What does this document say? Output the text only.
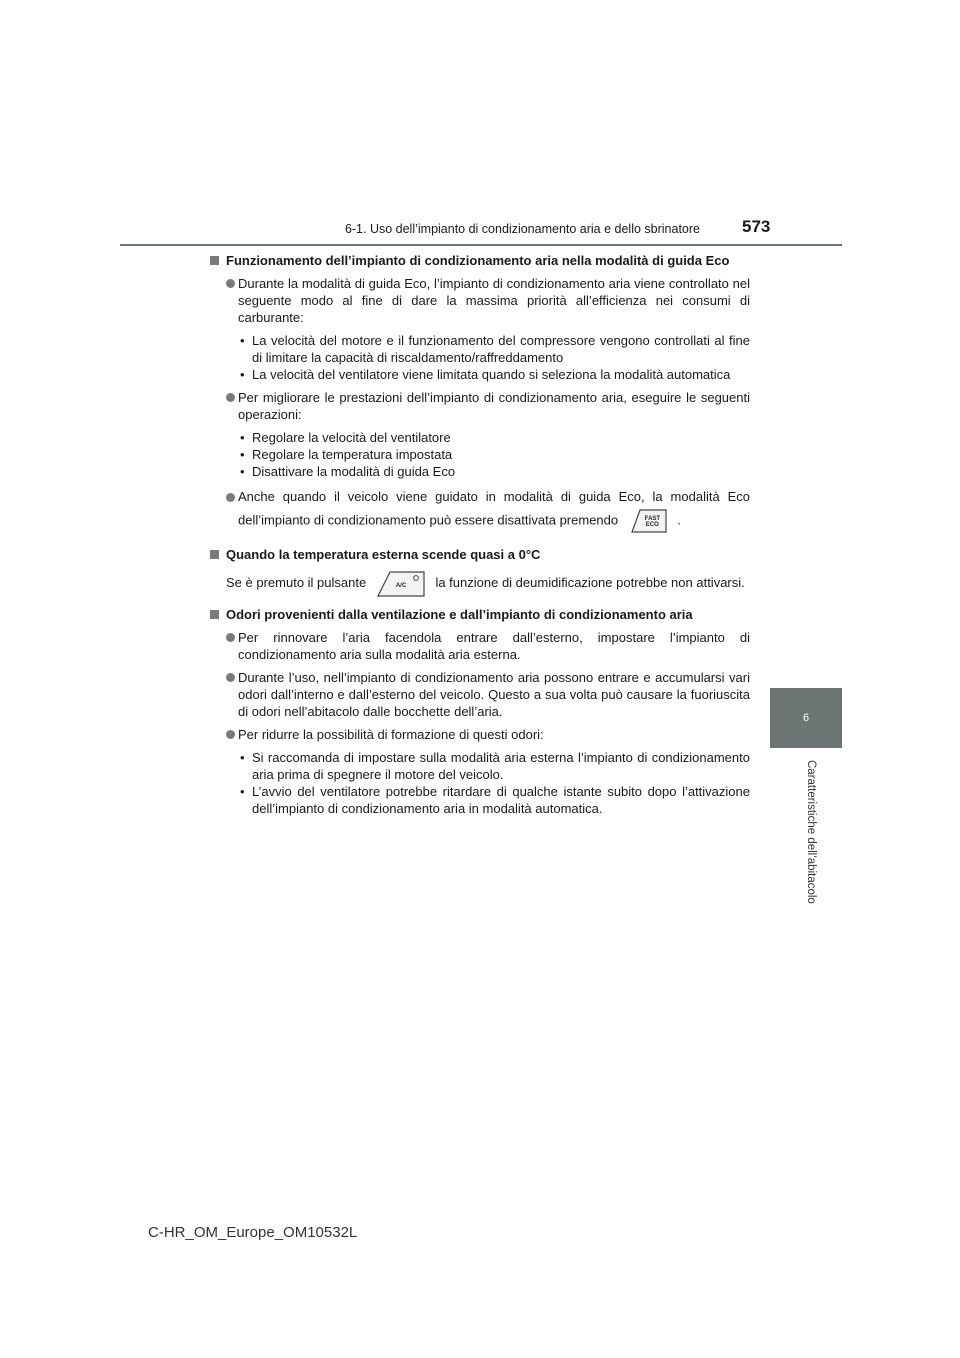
6-1. Uso dell’impianto di condizionamento aria e dello sbrinatore 573
6
Caratteristiche dell’abitacolo
Funzionamento dell’impianto di condizionamento aria nella modalità di guida Eco
Durante la modalità di guida Eco, l’impianto di condizionamento aria viene controllato nel seguente modo al fine di dare la massima priorità all’efficienza nei consumi di carburante:
• La velocità del motore e il funzionamento del compressore vengono controllati al fine di limitare la capacità di riscaldamento/raffreddamento
• La velocità del ventilatore viene limitata quando si seleziona la modalità automatica
Per migliorare le prestazioni dell’impianto di condizionamento aria, eseguire le seguenti operazioni:
• Regolare la velocità del ventilatore
• Regolare la temperatura impostata
• Disattivare la modalità di guida Eco
Anche quando il veicolo viene guidato in modalità di guida Eco, la modalità Eco dell’impianto di condizionamento può essere disattivata premendo	FAST
ECO .
Quando la temperatura esterna scende quasi a 0°C
Se è premuto il pulsante	A/C la funzione di deumidificazione potrebbe non attivarsi.
Odori provenienti dalla ventilazione e dall’impianto di condizionamento aria
Per rinnovare l’aria facendola entrare dall’esterno, impostare l’impianto di condizionamento aria sulla modalità aria esterna.
Durante l’uso, nell’impianto di condizionamento aria possono entrare e accumularsi vari odori dall’interno e dall’esterno del veicolo. Questo a sua volta può causare la fuoriuscita di odori nell’abitacolo dalle bocchette dell’aria.
Per ridurre la possibilità di formazione di questi odori:
• Si raccomanda di impostare sulla modalità aria esterna l’impianto di condizionamento aria prima di spegnere il motore del veicolo.
• L’avvio del ventilatore potrebbe ritardare di qualche istante subito dopo l’attivazione dell’impianto di condizionamento aria in modalità automatica.
C-HR_OM_Europe_OM10532L
